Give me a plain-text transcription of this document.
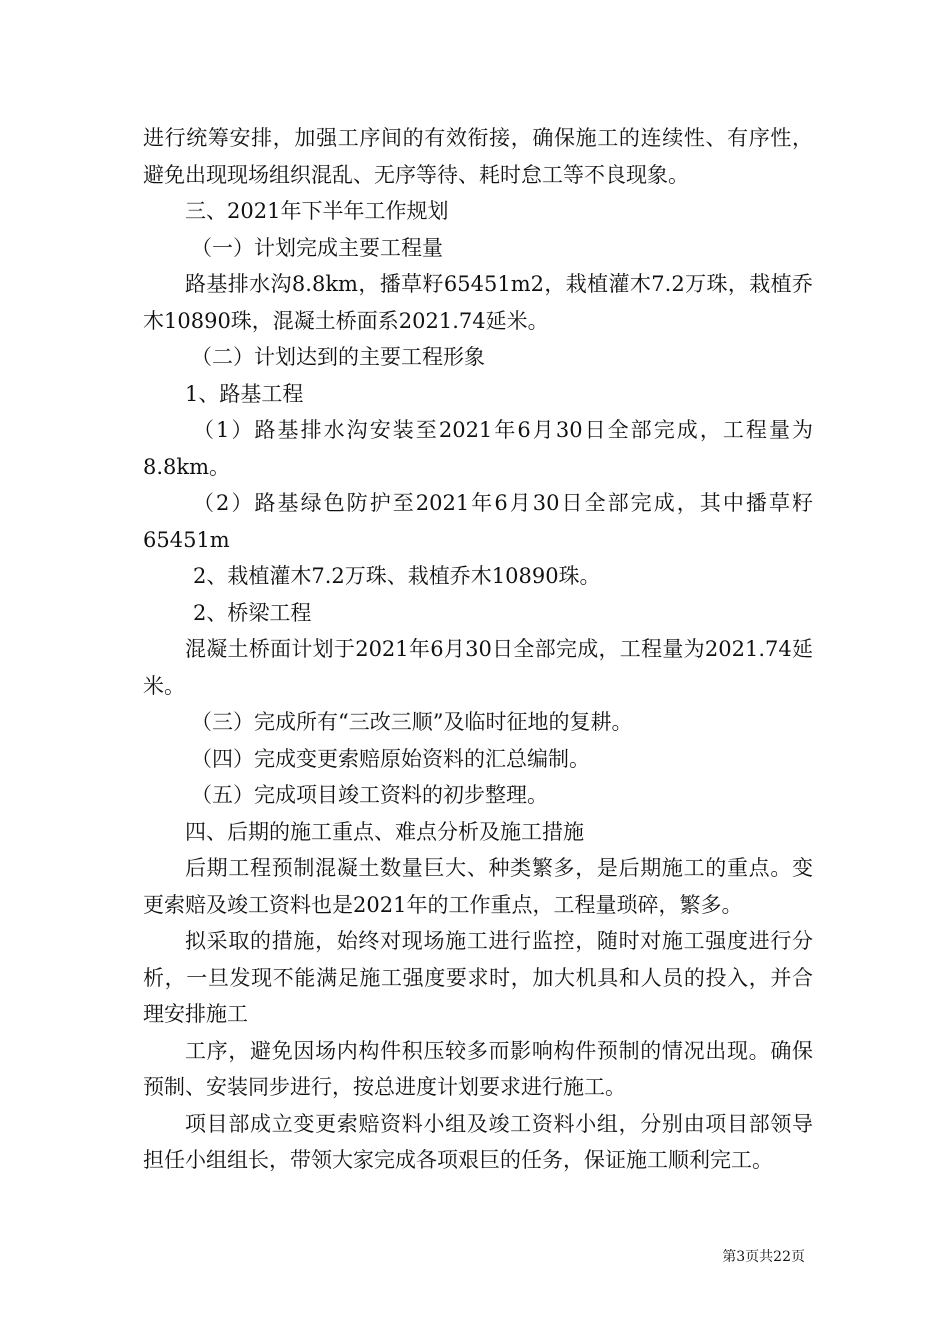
进行统筹安排，加强工序间的有效衔接，确保施工的连续性、有序性，避免出现现场组织混乱、无序等待、耗时怠工等不良现象。

三、2021年下半年工作规划

（一）计划完成主要工程量

路基排水沟8.8km，播草籽65451m2，栽植灌木7.2万珠，栽植乔木10890珠，混凝土桥面系2021.74延米。

（二）计划达到的主要工程形象

1、路基工程

（1）路基排水沟安装至2021年6月30日全部完成，工程量为8.8km。

（2）路基绿色防护至2021年6月30日全部完成，其中播草籽65451m

2、栽植灌木7.2万珠、栽植乔木10890珠。

2、桥梁工程

混凝土桥面计划于2021年6月30日全部完成，工程量为2021.74延米。

（三）完成所有“三改三顺”及临时征地的复耕。

（四）完成变更索赔原始资料的汇总编制。

（五）完成项目竣工资料的初步整理。

四、后期的施工重点、难点分析及施工措施

后期工程预制混凝土数量巨大、种类繁多，是后期施工的重点。变更索赔及竣工资料也是2021年的工作重点，工程量琐碎，繁多。

拟采取的措施，始终对现场施工进行监控，随时对施工强度进行分析，一旦发现不能满足施工强度要求时，加大机具和人员的投入，并合理安排施工

工序，避免因场内构件积压较多而影响构件预制的情况出现。确保预制、安装同步进行，按总进度计划要求进行施工。

项目部成立变更索赔资料小组及竣工资料小组，分别由项目部领导担任小组组长，带领大家完成各项艰巨的任务，保证施工顺利完工。

第3页共22页
